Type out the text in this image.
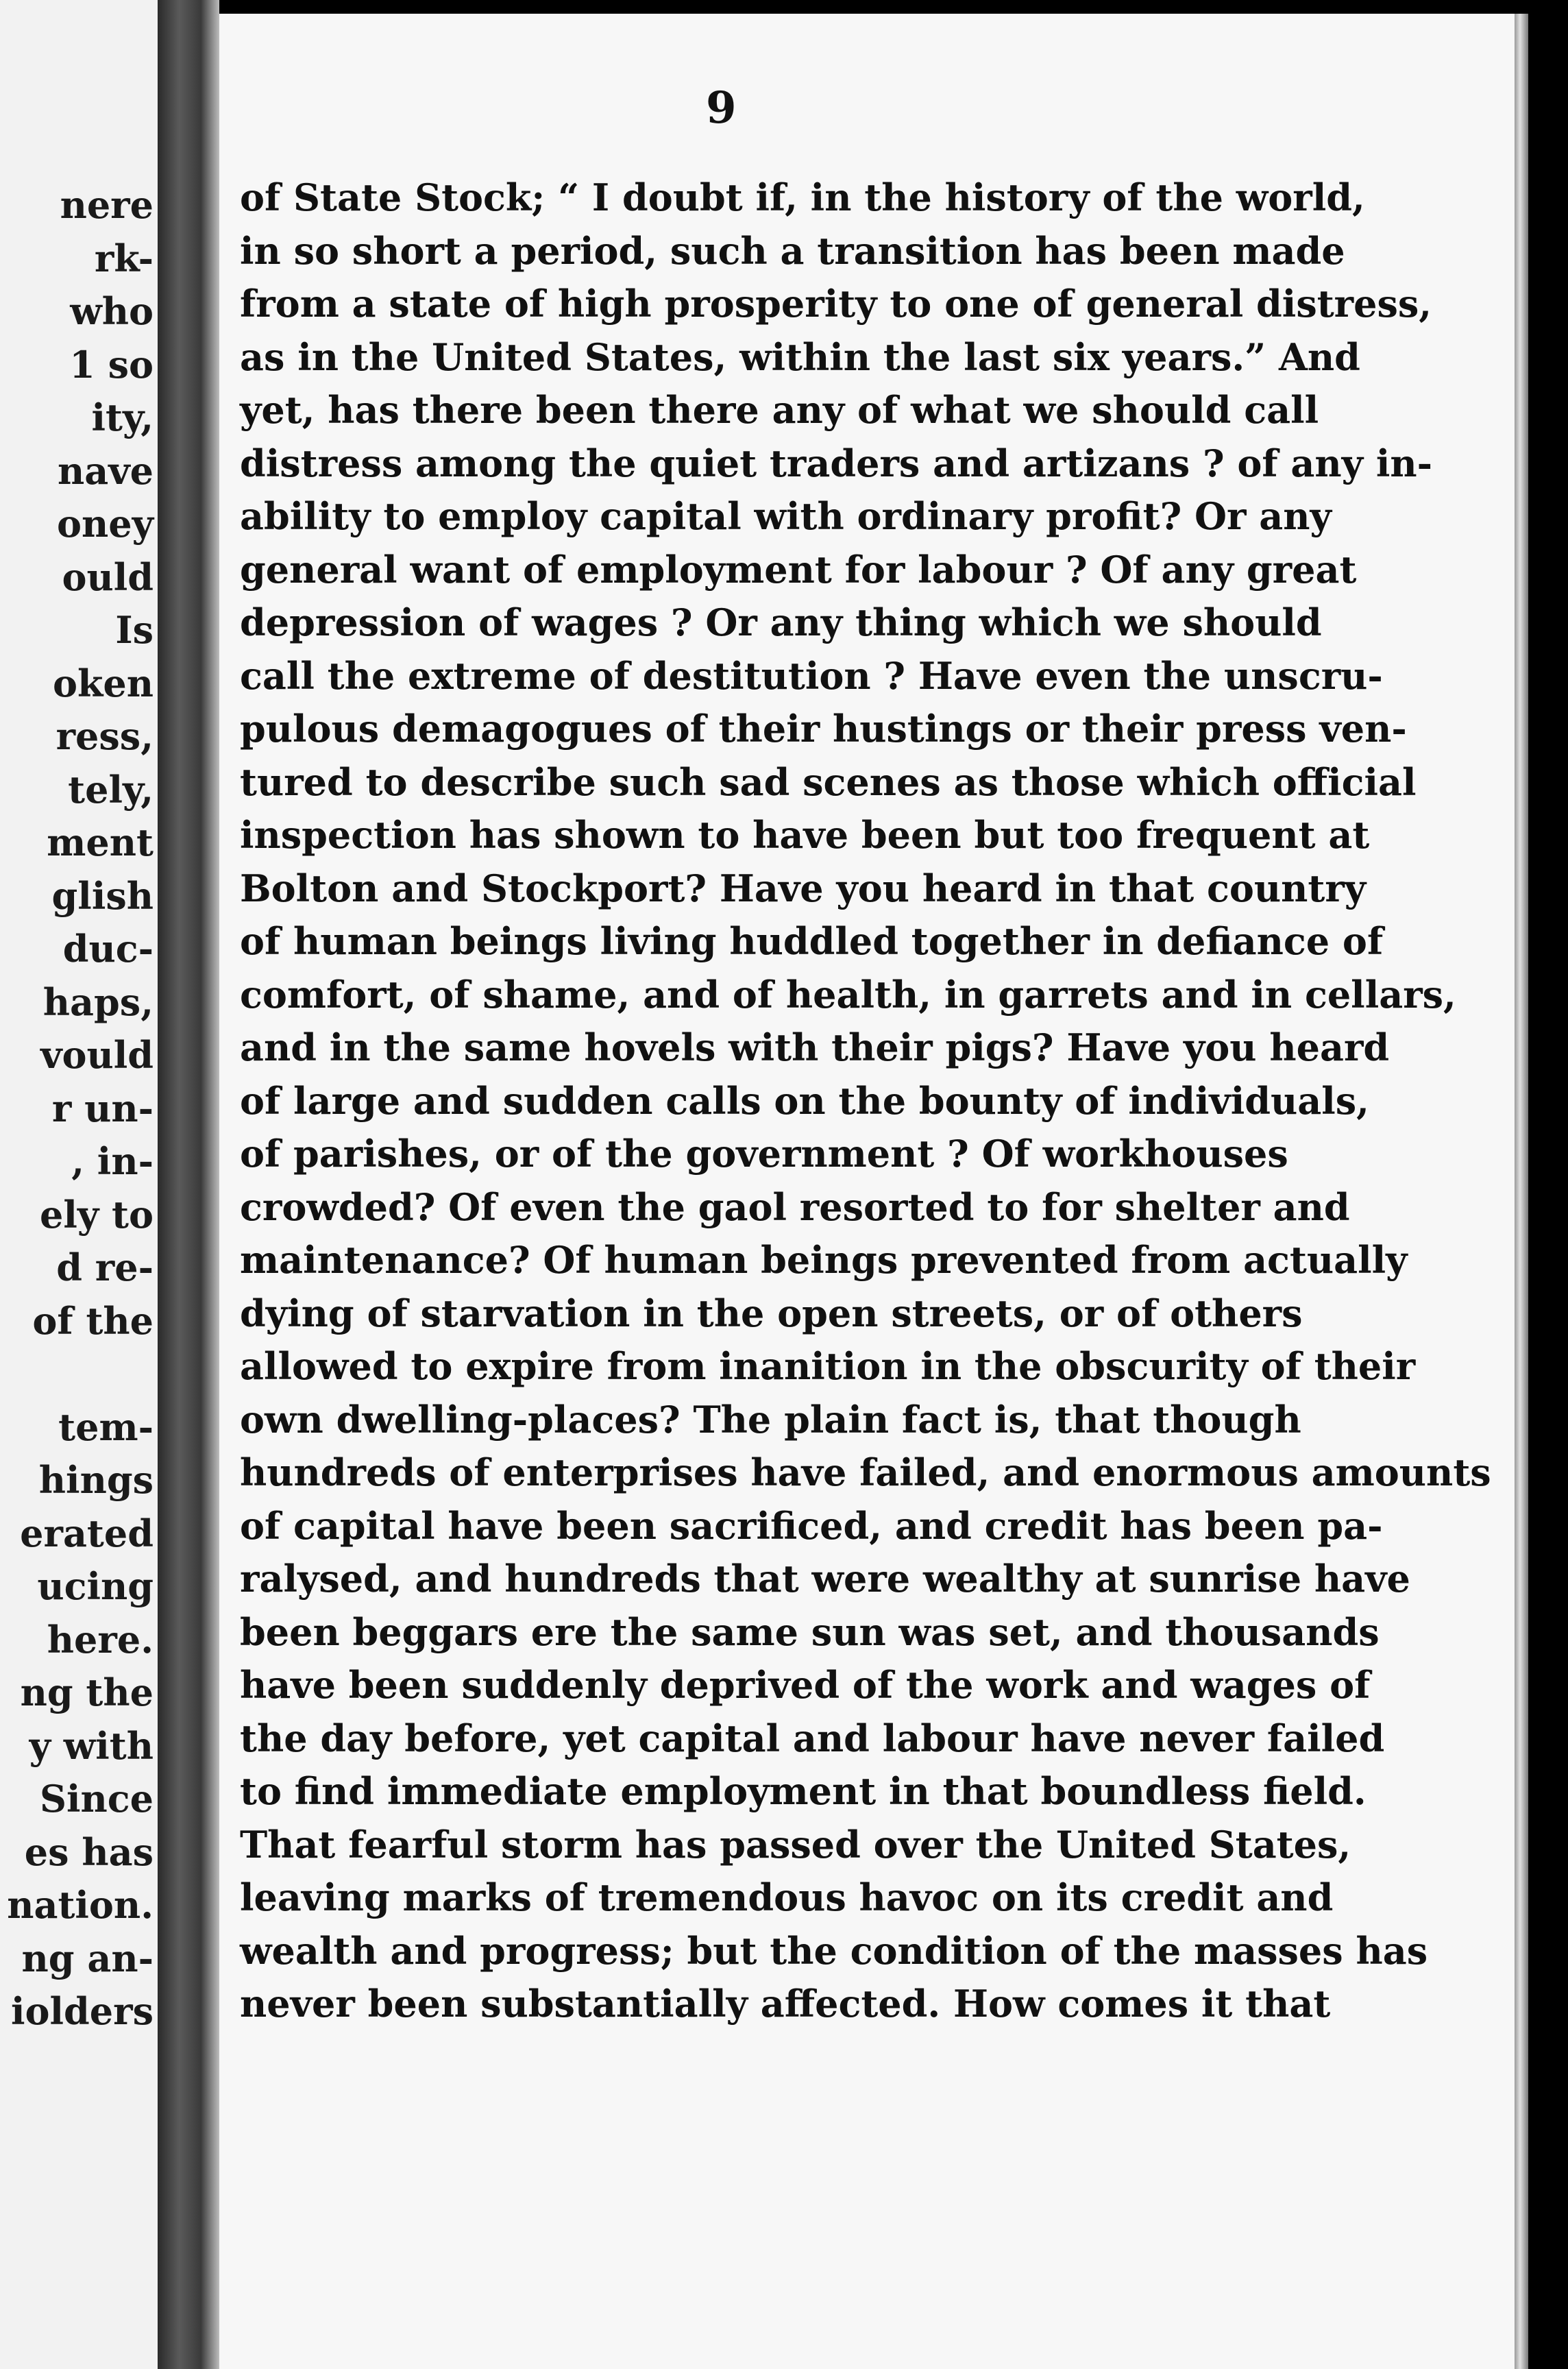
nere
rk-
who
1 so
ity,
nave
oney
ould
Is
oken
ress,
tely,
ment
glish
duc-
haps,
vould
r un-
, in-
ely to
d re-
of the
tem-
hings
erated
ucing
here.
ng the
y with
Since
es has
nation.
ng an-
iolders
9
of State Stock; “ I doubt if, in the history of the world,
in so short a period, such a transition has been made
from a state of high prosperity to one of general distress,
as in the United States, within the last six years.” And
yet, has there been there any of what we should call
distress among the quiet traders and artizans ? of any in-
ability to employ capital with ordinary profit? Or any
general want of employment for labour ? Of any great
depression of wages ? Or any thing which we should
call the extreme of destitution ? Have even the unscru-
pulous demagogues of their hustings or their press ven-
tured to describe such sad scenes as those which official
inspection has shown to have been but too frequent at
Bolton and Stockport? Have you heard in that country
of human beings living huddled together in defiance of
comfort, of shame, and of health, in garrets and in cellars,
and in the same hovels with their pigs? Have you heard
of large and sudden calls on the bounty of individuals,
of parishes, or of the government ? Of workhouses
crowded? Of even the gaol resorted to for shelter and
maintenance? Of human beings prevented from actually
dying of starvation in the open streets, or of others
allowed to expire from inanition in the obscurity of their
own dwelling-places? The plain fact is, that though
hundreds of enterprises have failed, and enormous amounts
of capital have been sacrificed, and credit has been pa-
ralysed, and hundreds that were wealthy at sunrise have
been beggars ere the same sun was set, and thousands
have been suddenly deprived of the work and wages of
the day before, yet capital and labour have never failed
to find immediate employment in that boundless field.
That fearful storm has passed over the United States,
leaving marks of tremendous havoc on its credit and
wealth and progress; but the condition of the masses has
never been substantially affected. How comes it that
